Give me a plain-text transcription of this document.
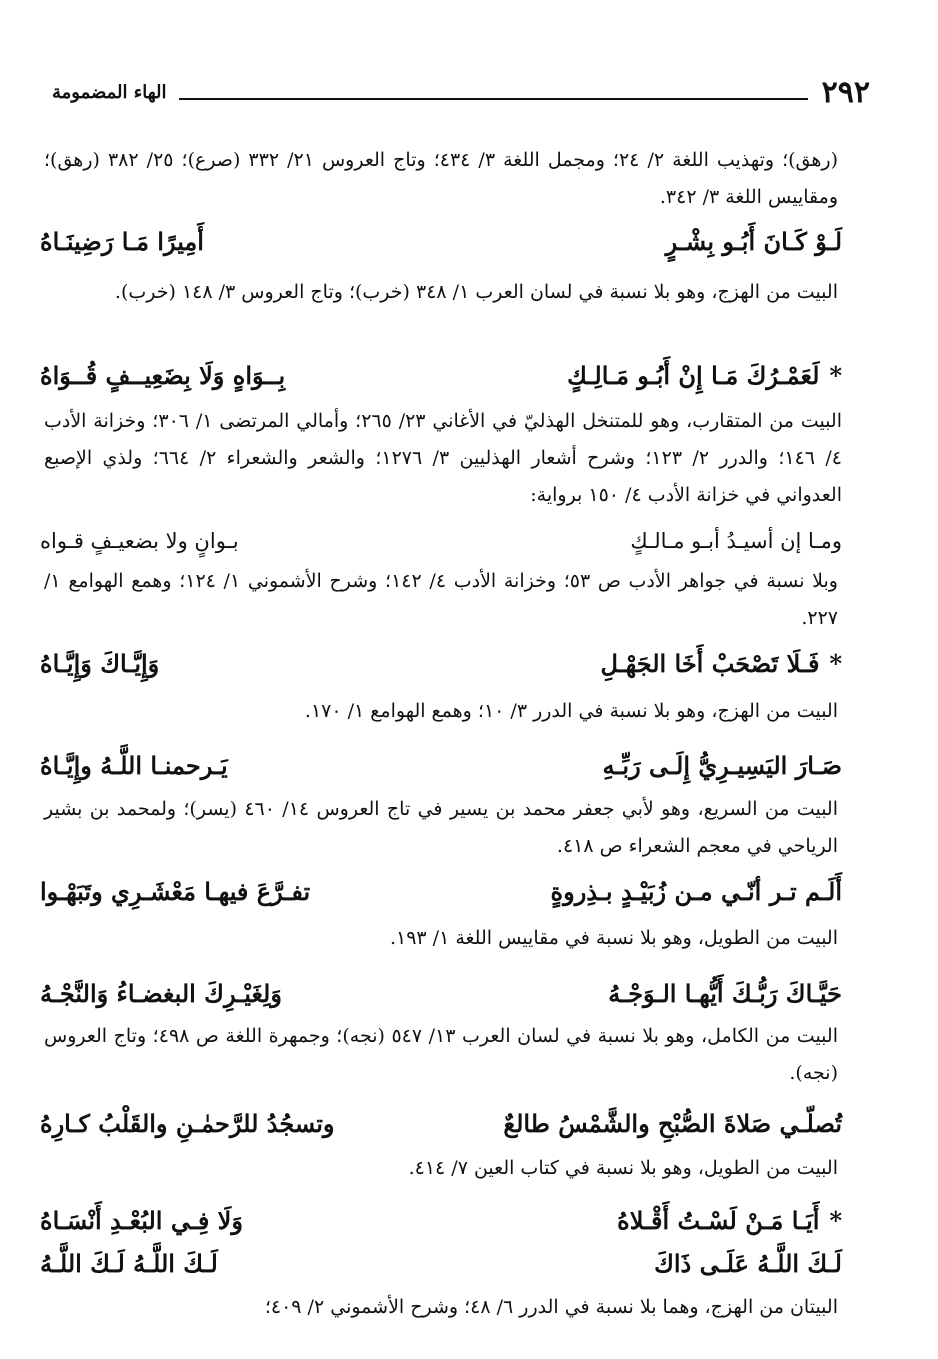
٢٩٢
الهاء المضمومة

(رهق)؛ وتهذيب اللغة ٢/ ٢٤؛ ومجمل اللغة ٣/ ٤٣٤؛ وتاج العروس ٢١/ ٣٣٢ (صرع)؛ ٢٥/ ٣٨٢ (رهق)؛ ومقاييس اللغة ٣/ ٣٤٢.

لَـوْ كَـانَ أَبُـو بِشْـرٍ
أَمِيرًا مَـا رَضِينَـاهُ

البيت من الهزج، وهو بلا نسبة في لسان العرب ١/ ٣٤٨ (خرب)؛ وتاج العروس ٣/ ١٤٨ (خرب).

*لَعَمْـرُكَ مَـا إِنْ أَبُـو مَـالِـكٍ
بِــوَاهٍ وَلَا بِضَعِيــفٍ قُــوَاهُ

البيت من المتقارب، وهو للمتنخل الهذليّ في الأغاني ٢٣/ ٢٦٥؛ وأمالي المرتضى ١/ ٣٠٦؛ وخزانة الأدب ٤/ ١٤٦؛ والدرر ٢/ ١٢٣؛ وشرح أشعار الهذليين ٣/ ١٢٧٦؛ والشعر والشعراء ٢/ ٦٦٤؛ ولذي الإصبع العدواني في خزانة الأدب ٤/ ١٥٠ برواية:

ومـا إن أسيـدُ أبـو مـالـكٍ
بـوانٍ ولا بضعيـفٍ قـواه

وبلا نسبة في جواهر الأدب ص ٥٣؛ وخزانة الأدب ٤/ ١٤٢؛ وشرح الأشموني ١/ ١٢٤؛ وهمع الهوامع ١/ ٢٢٧.

*فَـلَا تَصْحَبْ أَخَا الجَهْـلِ
وَإِيَّـاكَ وَإِيَّـاهُ

البيت من الهزج، وهو بلا نسبة في الدرر ٣/ ١٠؛ وهمع الهوامع ١/ ١٧٠.

صَـارَ اليَسِيـرِيُّ إِلَـى رَبِّـهِ
يَـرحمنـا اللَّـهُ وإِيَّـاهُ

البيت من السريع، وهو لأبي جعفر محمد بن يسير في تاج العروس ١٤/ ٤٦٠ (يسر)؛ ولمحمد بن بشير الرياحي في معجم الشعراء ص ٤١٨.

أَلَـم تـر أنّـي مـن زُبَيْـدٍ بـذِروةٍ
تفـرَّعَ فيهـا مَعْشَـرِي وتَبَهْـوا

البيت من الطويل، وهو بلا نسبة في مقاييس اللغة ١/ ١٩٣.

حَيَّـاكَ رَبُّـكَ أَيُّهـا الـوَجْـهُ
وَلِغَيْـرِكَ البغضـاءُ وَالنَّجْـهُ

البيت من الكامل، وهو بلا نسبة في لسان العرب ١٣/ ٥٤٧ (نجه)؛ وجمهرة اللغة ص ٤٩٨؛ وتاج العروس (نجه).

تُصلّـي صَلاةَ الصُّبْحِ والشَّمْسُ طالعٌ
وتسجُدُ للرَّحمٰـنِ والقَلْبُ كـارِهُ

البيت من الطويل، وهو بلا نسبة في كتاب العين ٧/ ٤١٤.

*أَيَـا مَـنْ لَسْـتُ أَقْـلاهُ
وَلَا فِـي البُعْـدِ أَنْسَـاهُ
لَـكَ اللَّـهُ عَلَـى ذَاكَ
لَـكَ اللَّـهُ لَـكَ اللَّـهُ

البيتان من الهزج، وهما بلا نسبة في الدرر ٦/ ٤٨؛ وشرح الأشموني ٢/ ٤٠٩؛
